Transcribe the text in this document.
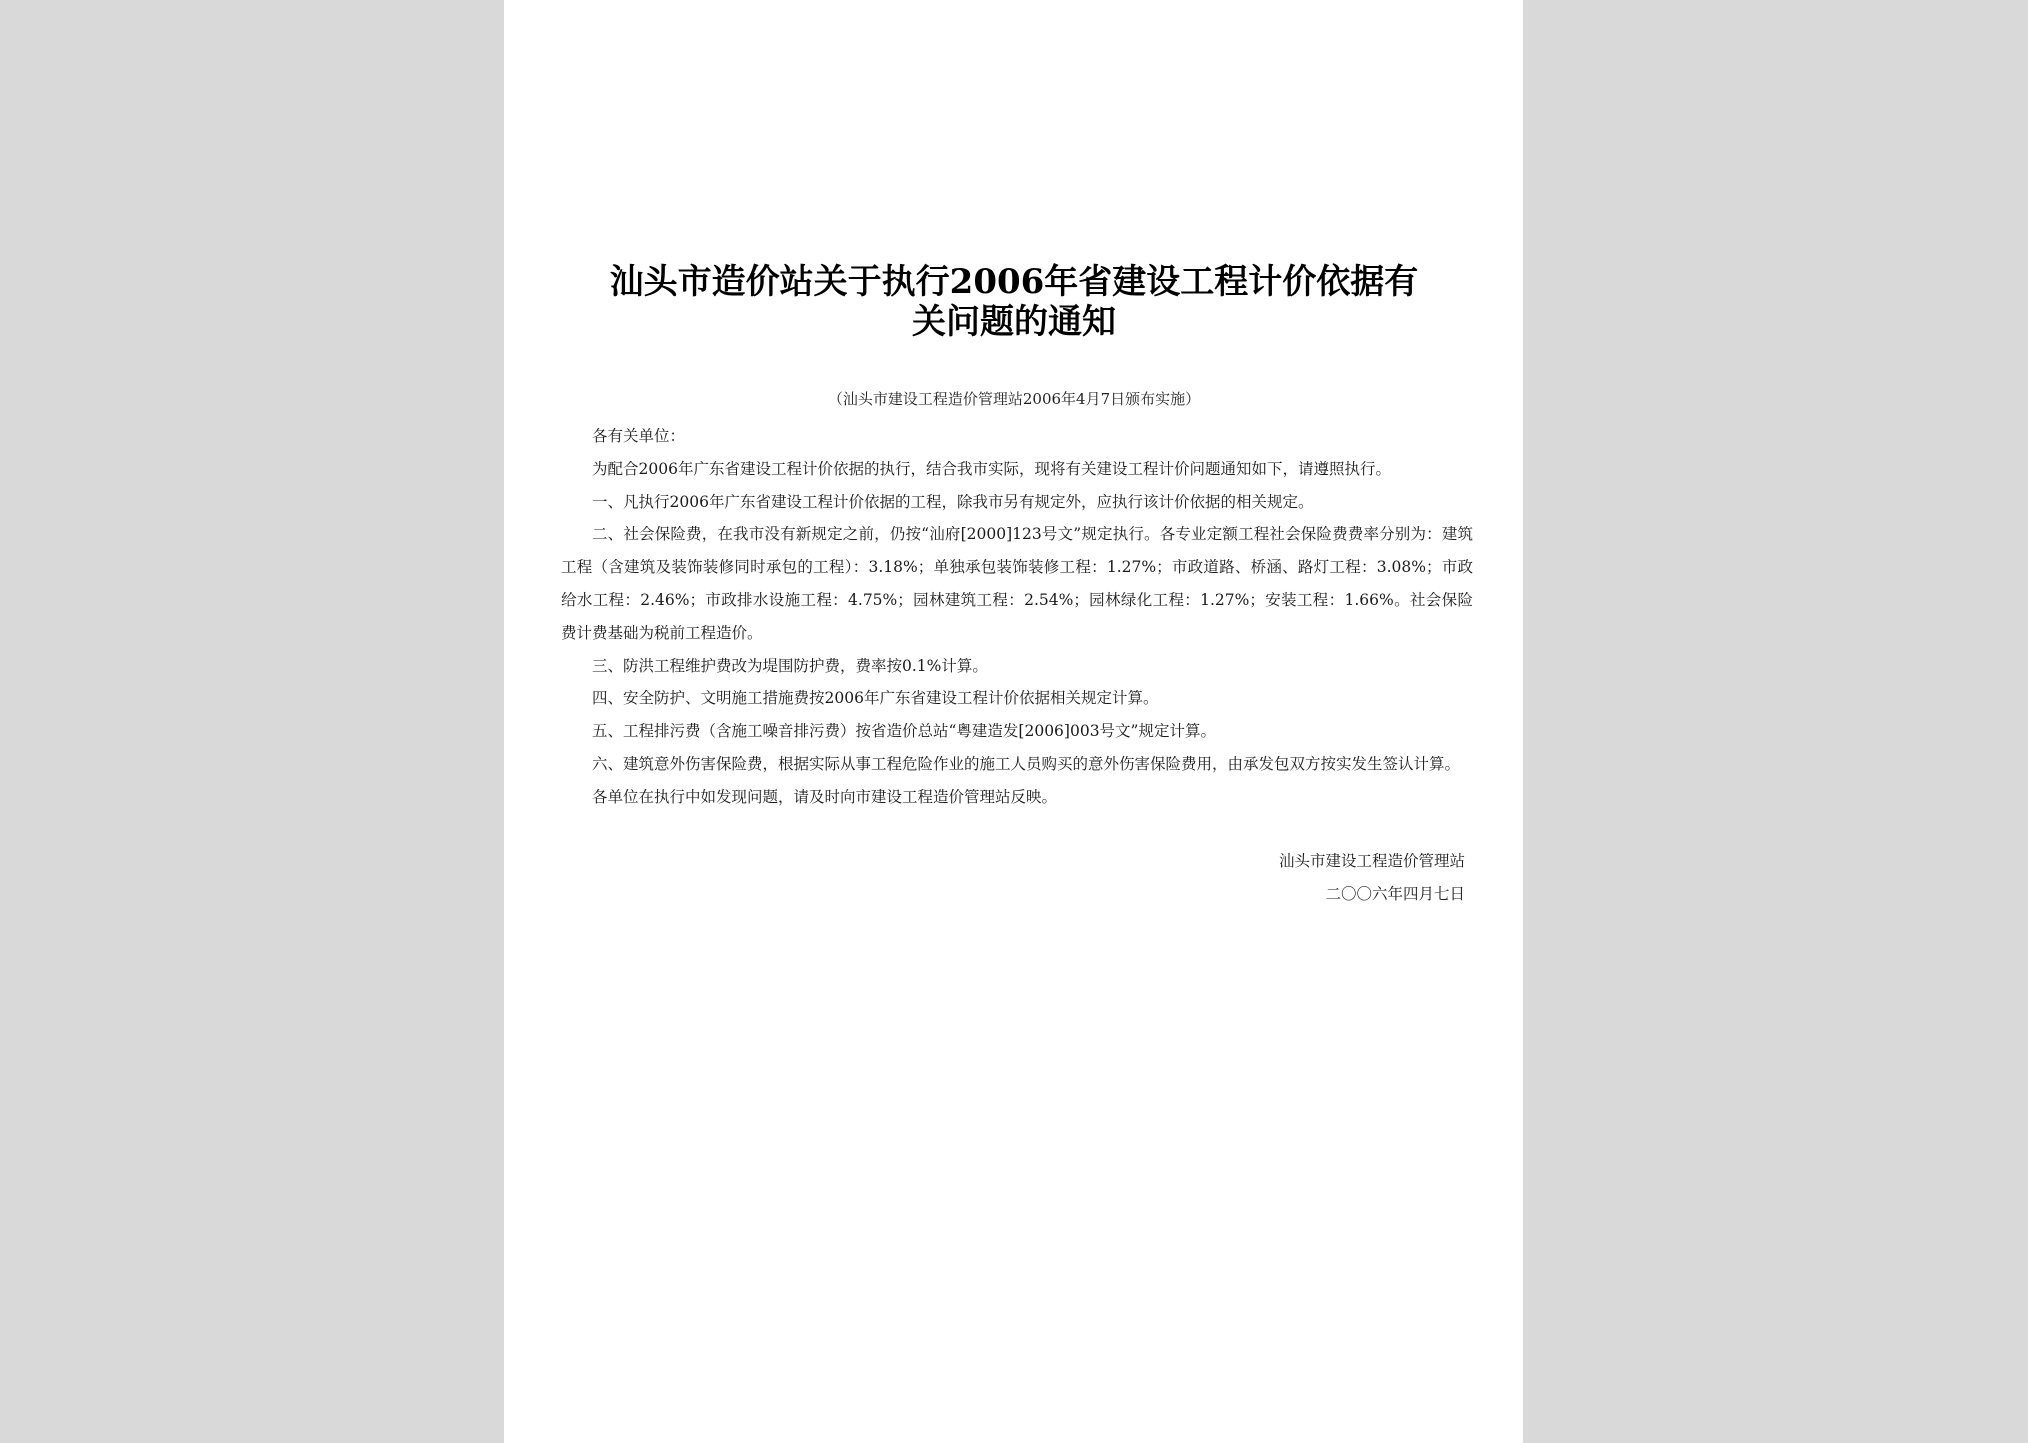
汕头市造价站关于执行2006年省建设工程计价依据有
关问题的通知
（汕头市建设工程造价管理站2006年4月7日颁布实施）

各有关单位：

为配合2006年广东省建设工程计价依据的执行，结合我市实际，现将有关建设工程计价问题通知如下，请遵照执行。

一、凡执行2006年广东省建设工程计价依据的工程，除我市另有规定外，应执行该计价依据的相关规定。

二、社会保险费，在我市没有新规定之前，仍按“汕府[2000]123号文”规定执行。各专业定额工程社会保险费费率分别为：建筑工程（含建筑及装饰装修同时承包的工程）：3.18%；单独承包装饰装修工程：1.27%；市政道路、桥涵、路灯工程：3.08%；市政给水工程：2.46%；市政排水设施工程：4.75%；园林建筑工程：2.54%；园林绿化工程：1.27%；安装工程：1.66%。社会保险费计费基础为税前工程造价。

三、防洪工程维护费改为堤围防护费，费率按0.1%计算。

四、安全防护、文明施工措施费按2006年广东省建设工程计价依据相关规定计算。

五、工程排污费（含施工噪音排污费）按省造价总站“粤建造发[2006]003号文”规定计算。

六、建筑意外伤害保险费，根据实际从事工程危险作业的施工人员购买的意外伤害保险费用，由承发包双方按实发生签认计算。

各单位在执行中如发现问题，请及时向市建设工程造价管理站反映。

汕头市建设工程造价管理站
二〇〇六年四月七日
